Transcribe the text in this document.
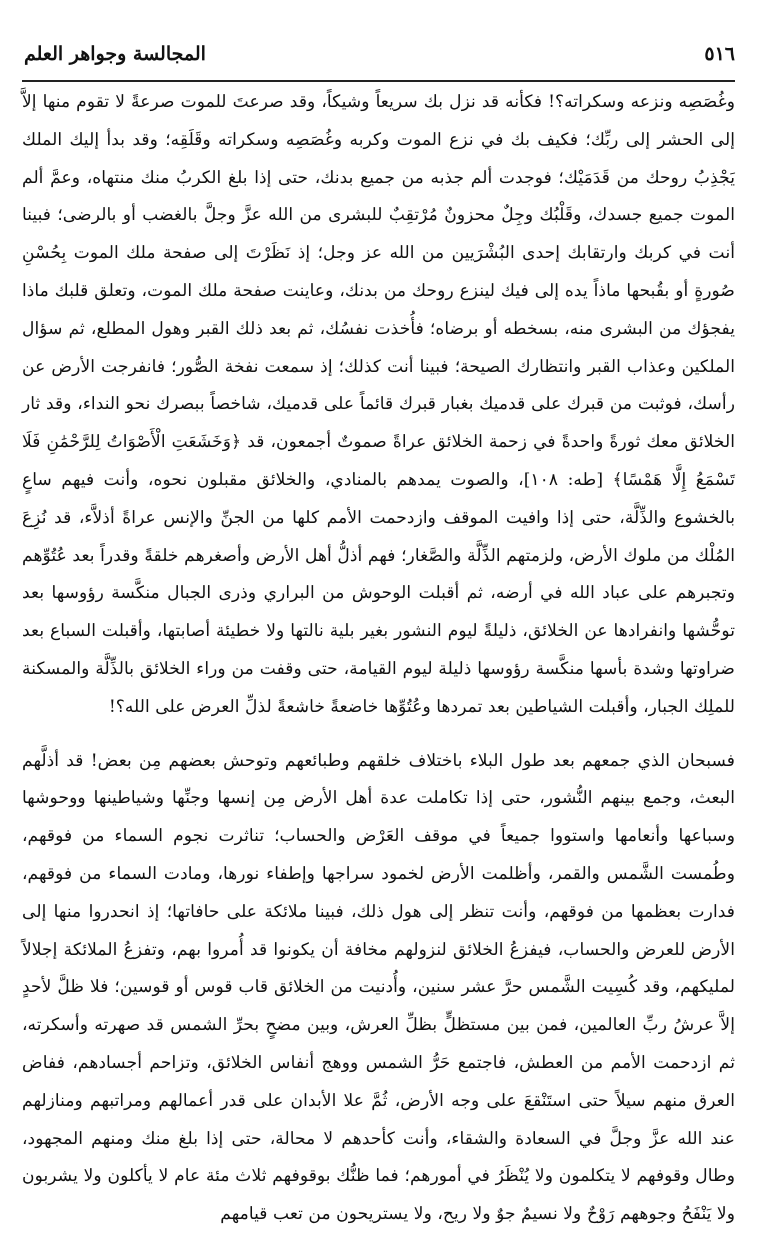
٥١٦
المجالسة وجواهر العلم

وغُصَصِه ونزعه وسكراته؟! فكأنه قد نزل بك سريعاً وشيكاً، وقد صرعتَ للموت صرعةً لا تقوم منها إلاَّ إلى الحشر إلى ربِّك؛ فكيف بك في نزع الموت وكربه وغُصَصِه وسكراته وقَلَقِه؛ وقد بدأ إليك الملك يَجْذِبُ روحك من قَدَمَيْك؛ فوجدت ألم جذبه من جميع بدنك، حتى إذا بلغ الكربُ منك منتهاه، وعمَّ ألم الموت جميع جسدك، وقَلْبُك وجِلٌ محزونٌ مُرْتقِبٌ للبشرى من الله عزَّ وجلَّ بالغضب أو بالرضى؛ فبينا أنت في كربك وارتقابك إحدى البُشْرَيين من الله عز وجل؛ إذ نَظَرْتَ إلى صفحة ملك الموت بِحُسْنِ صُورةٍ أو بقُبحها ماذاً يده إلى فيك لينزع روحك من بدنك، وعاينت صفحة ملك الموت، وتعلق قلبك ماذا يفجؤك من البشرى منه، بسخطه أو برضاه؛ فأُخذت نفسُك، ثم بعد ذلك القبر وهول المطلع، ثم سؤال الملكين وعذاب القبر وانتظارك الصيحة؛ فبينا أنت كذلك؛ إذ سمعت نفخة الصُّور؛ فانفرجت الأرض عن رأسك، فوثبت من قبرك على قدميك بغبار قبرك قائماً على قدميك، شاخصاً ببصرك نحو النداء، وقد ثار الخلائق معك ثورةً واحدةً في زحمة الخلائق عراةً صموتٌ أجمعون، قد ﴿وَخَشَعَتِ الْأَصْوَاتُ لِلرَّحْمَٰنِ فَلَا تَسْمَعُ إِلَّا هَمْسًا﴾ [طه: ١٠٨]، والصوت يمدهم بالمنادي، والخلائق مقبلون نحوه، وأنت فيهم ساعٍ بالخشوع والذِّلَّة، حتى إذا وافيت الموقف وازدحمت الأمم كلها من الجنِّ والإنس عراةً أذلاَّء، قد نُزِعَ المُلْك من ملوك الأرض، ولزمتهم الذِّلَّة والصَّغار؛ فهم أذلُّ أهل الأرض وأصغرهم خلقةً وقدراً بعد عُتُوِّهم وتجبرهم على عباد الله في أرضه، ثم أقبلت الوحوش من البراري وذرى الجبال منكَّسة رؤوسها بعد توحُّشها وانفرادها عن الخلائق، ذليلةً ليوم النشور بغير بلية نالتها ولا خطيئة أصابتها، وأقبلت السباع بعد ضراوتها وشدة بأسها منكَّسة رؤوسها ذليلة ليوم القيامة، حتى وقفت من وراء الخلائق بالذِّلَّة والمسكنة للملِك الجبار، وأقبلت الشياطين بعد تمردها وعُتُوِّها خاضعةً خاشعةً لذلِّ العرض على الله؟!

فسبحان الذي جمعهم بعد طول البلاء باختلاف خلقهم وطبائعهم وتوحش بعضهم مِن بعض! قد أذلَّهم البعث، وجمع بينهم النُّشور، حتى إذا تكاملت عدة أهل الأرض مِن إنسها وجنِّها وشياطينها ووحوشها وسباعها وأنعامها واستووا جميعاً في موقف العَرْض والحساب؛ تناثرت نجوم السماء من فوقهم، وطُمست الشَّمس والقمر، وأظلمت الأرض لخمود سراجها وإطفاء نورها، ومادت السماء من فوقهم، فدارت بعظمها من فوقهم، وأنت تنظر إلى هول ذلك، فبينا ملائكة على حافاتها؛ إذ انحدروا منها إلى الأرض للعرض والحساب، فيفزعُ الخلائق لنزولهم مخافة أن يكونوا قد أُمروا بهم، وتفزعُ الملائكة إجلالاً لمليكهم، وقد كُسِيت الشَّمس حرَّ عشر سنين، وأُدنيت من الخلائق قاب قوس أو قوسين؛ فلا ظلَّ لأحدٍ إلاَّ عرشُ ربِّ العالمين، فمن بين مستظلٍّ بظلِّ العرش، وبين مضحٍ بحرِّ الشمس قد صهرته وأسكرته، ثم ازدحمت الأمم من العطش، فاجتمع حَرُّ الشمس ووهج أنفاس الخلائق، وتزاحم أجسادهم، ففاض العرق منهم سيلاً حتى استَنْقعَ على وجه الأرض، ثُمَّ علا الأبدان على قدر أعمالهم ومراتبهم ومنازلهم عند الله عزَّ وجلَّ في السعادة والشقاء، وأنت كأحدهم لا محالة، حتى إذا بلغ منك ومنهم المجهود، وطال وقوفهم لا يتكلمون ولا يُنْظَرُ في أمورهم؛ فما ظنُّك بوقوفهم ثلاث مئة عام لا يأكلون ولا يشربون ولا يَنْفَحُ وجوههم رَوْحٌ ولا نسيمٌ جوٌ ولا ريح، ولا يستريحون من تعب قيامهم
